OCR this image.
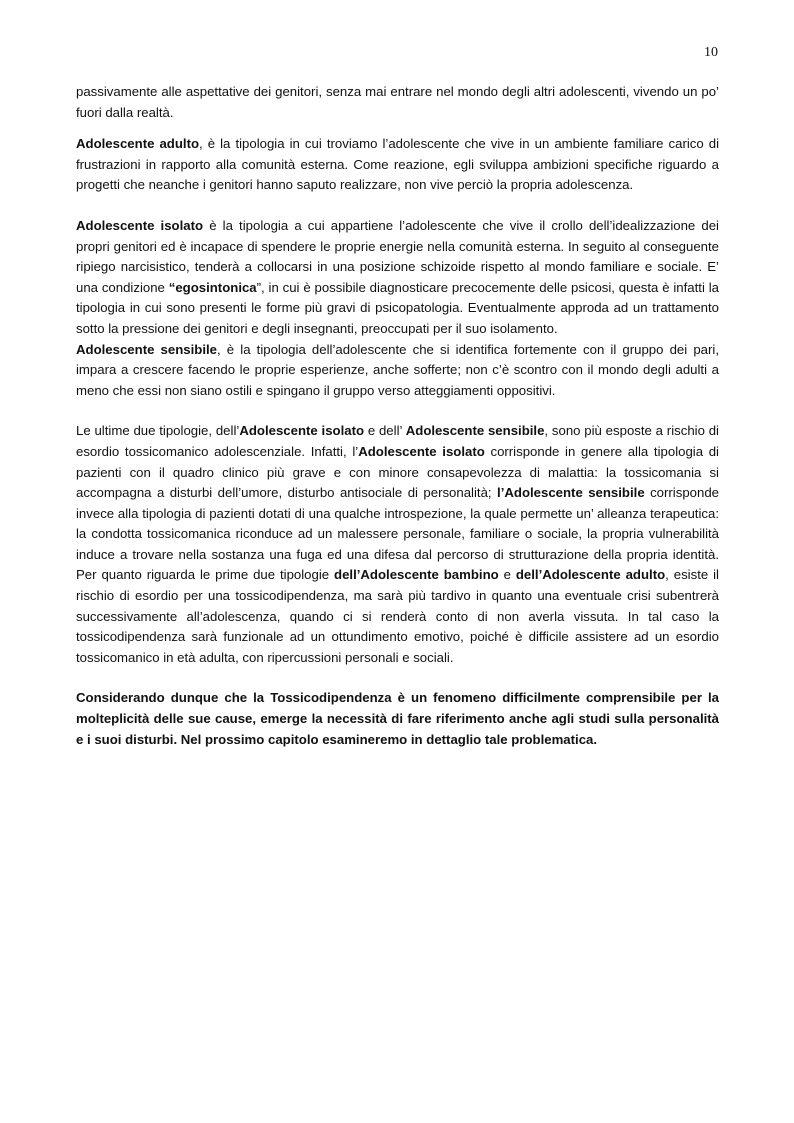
10

passivamente alle aspettative dei genitori, senza mai entrare nel mondo degli altri adolescenti, vivendo un po’ fuori dalla realtà.

Adolescente adulto, è la tipologia in cui troviamo l’adolescente che vive in un ambiente familiare carico di frustrazioni in rapporto alla comunità esterna. Come reazione, egli sviluppa ambizioni specifiche riguardo a progetti che neanche i genitori hanno saputo realizzare, non vive perciò la propria adolescenza.

Adolescente isolato è la tipologia a cui appartiene l’adolescente che vive il crollo dell’idealizzazione dei propri genitori ed è incapace di spendere le proprie energie nella comunità esterna. In seguito al conseguente ripiego narcisistico, tenderà a collocarsi in una posizione schizoide rispetto al mondo familiare e sociale. E’ una condizione “egosintonica”, in cui è possibile diagnosticare precocemente delle psicosi, questa è infatti la tipologia in cui sono presenti le forme più gravi di psicopatologia. Eventualmente approda ad un trattamento sotto la pressione dei genitori e degli insegnanti, preoccupati per il suo isolamento.

Adolescente sensibile, è la tipologia dell’adolescente che si identifica fortemente con il gruppo dei pari, impara a crescere facendo le proprie esperienze, anche sofferte; non c’è scontro con il mondo degli adulti a meno che essi non siano ostili e spingano il gruppo verso atteggiamenti oppositivi.

Le ultime due tipologie, dell’Adolescente isolato e dell’ Adolescente sensibile, sono più esposte a rischio di esordio tossicomanico adolescenziale. Infatti, l’Adolescente isolato corrisponde in genere alla tipologia di pazienti con il quadro clinico più grave e con minore consapevolezza di malattia: la tossicomania si accompagna a disturbi dell’umore, disturbo antisociale di personalità; l’Adolescente sensibile corrisponde invece alla tipologia di pazienti dotati di una qualche introspezione, la quale permette un’ alleanza terapeutica: la condotta tossicomanica riconduce ad un malessere personale, familiare o sociale, la propria vulnerabilità induce a trovare nella sostanza una fuga ed una difesa dal percorso di strutturazione della propria identità. Per quanto riguarda le prime due tipologie dell’Adolescente bambino e dell’Adolescente adulto, esiste il rischio di esordio per una tossicodipendenza, ma sarà più tardivo in quanto una eventuale crisi subentrerà successivamente all’adolescenza, quando ci si renderà conto di non averla vissuta. In tal caso la tossicodipendenza sarà funzionale ad un ottundimento emotivo, poiché è difficile assistere ad un esordio tossicomanico in età adulta, con ripercussioni personali e sociali.

Considerando dunque che la Tossicodipendenza è un fenomeno difficilmente comprensibile per la molteplicità delle sue cause, emerge la necessità di fare riferimento anche agli studi sulla personalità e i suoi disturbi. Nel prossimo capitolo esamineremo in dettaglio tale problematica.
